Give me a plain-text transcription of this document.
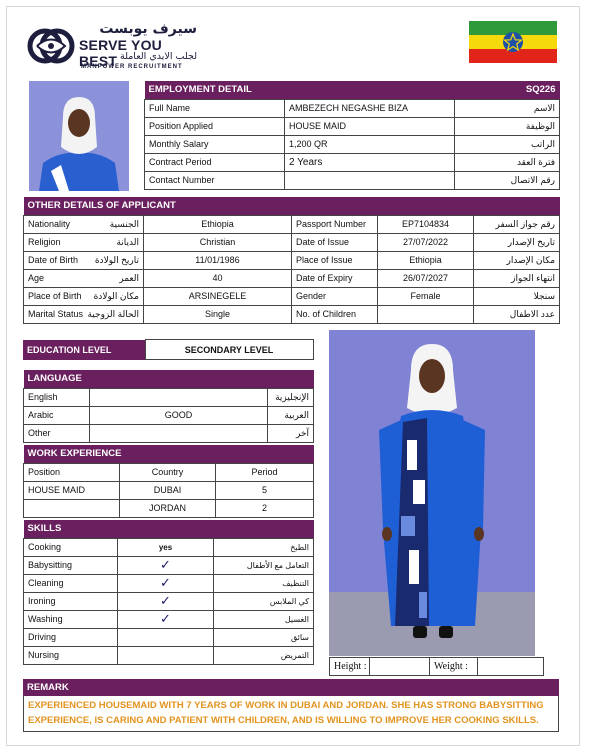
سيرف يوبست
SERVE YOU BEST لجلب الايدي العاملة
MANPOWER RECRUITMENT
EMPLOYMENT DETAIL		SQ226
Full Name	AMBEZECH NEGASHE BIZA	الاسم
Position Applied	HOUSE MAID	الوظيفة
Monthly Salary	1,200 QR	الراتب
Contract Period	2 Years	فترة العقد
Contact Number		رقم الاتصال
OTHER DETAILS OF APPLICANT					
Nationality	الجنسية	Ethiopia	Passport Number	EP7104834	رقم جواز السفر
Religion	الديانة	Christian	Date of Issue	27/07/2022	تاريخ الإصدار
Date of Birth	تاريخ الولادة	11/01/1986	Place of Issue	Ethiopia	مكان الإصدار
Age	العمر	40	Date of Expiry	26/07/2027	انتهاء الجواز
Place of Birth	مكان الولادة	ARSINEGELE	Gender	Female	سنجلا
Marital Status	الحالة الزوجية	Single	No. of Children		عدد الاطفال
EDUCATION LEVEL	SECONDARY LEVEL
LANGUAGE		
English		الإنجليزية
Arabic	GOOD	العربية
Other		آخر
WORK EXPERIENCE		
Position	Country	Period
HOUSE MAID	DUBAI	5
	JORDAN	2
SKILLS		
Cooking	yes	الطبخ
Babysitting	✓	التعامل مع الأطفال
Cleaning	✓	التنظيف
Ironing	✓	كي الملابس
Washing	✓	الغسيل
Driving		سائق
Nursing		التمريض
Height :		Weight :	
REMARK
EXPERIENCED HOUSEMAID WITH 7 YEARS OF WORK IN DUBAI AND JORDAN. SHE HAS STRONG BABYSITTING EXPERIENCE, IS CARING AND PATIENT WITH CHILDREN, AND IS WILLING TO IMPROVE HER COOKING SKILLS.
